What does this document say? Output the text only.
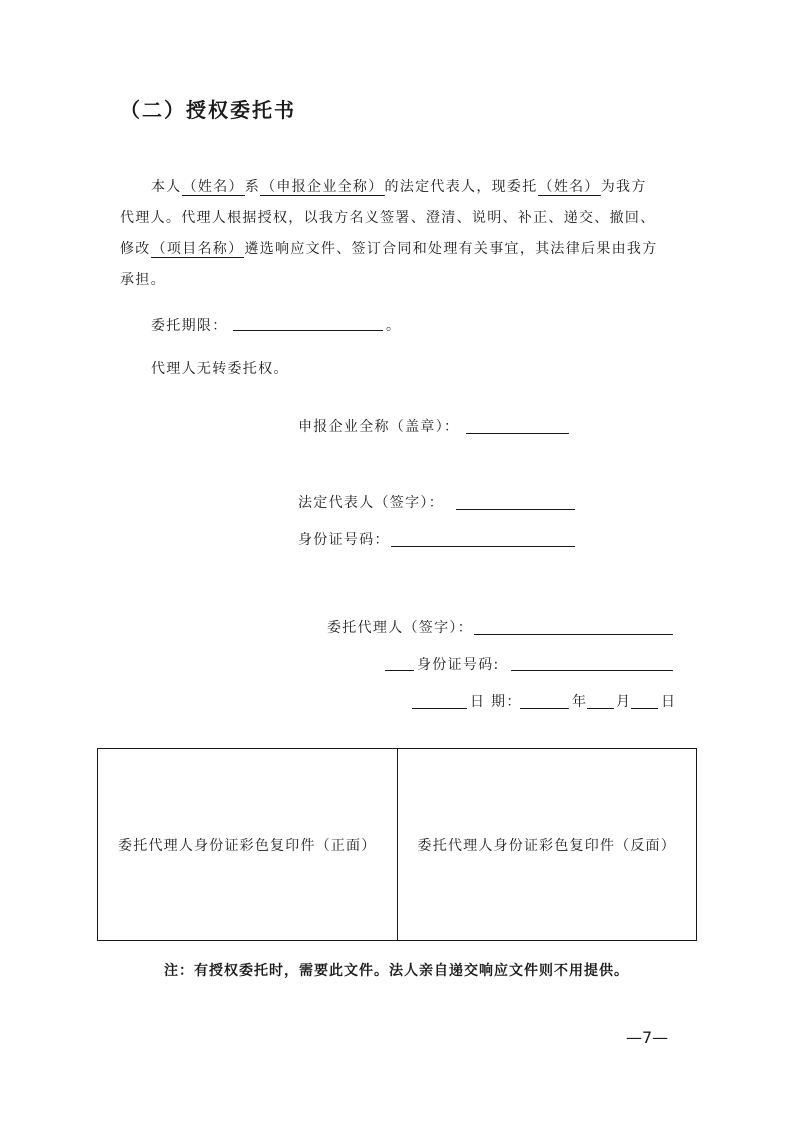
（二）授权委托书
本人（姓名）系（申报企业全称）的法定代表人，现委托（姓名）为我方
代理人。代理人根据授权，以我方名义签署、澄清、说明、补正、递交、撤回、
修改（项目名称）遴选响应文件、签订合同和处理有关事宜，其法律后果由我方
承担。
委托期限：	。
代理人无转委托权。
申报企业全称（盖章）：
法定代表人（签字）：
身份证号码：
委托代理人（签字）：
身份证号码:
日 期：	年 月 日
委托代理人身份证彩色复印件（正面）	委托代理人身份证彩色复印件（反面）
注：有授权委托时，需要此文件。法人亲自递交响应文件则不用提供。
—7—
